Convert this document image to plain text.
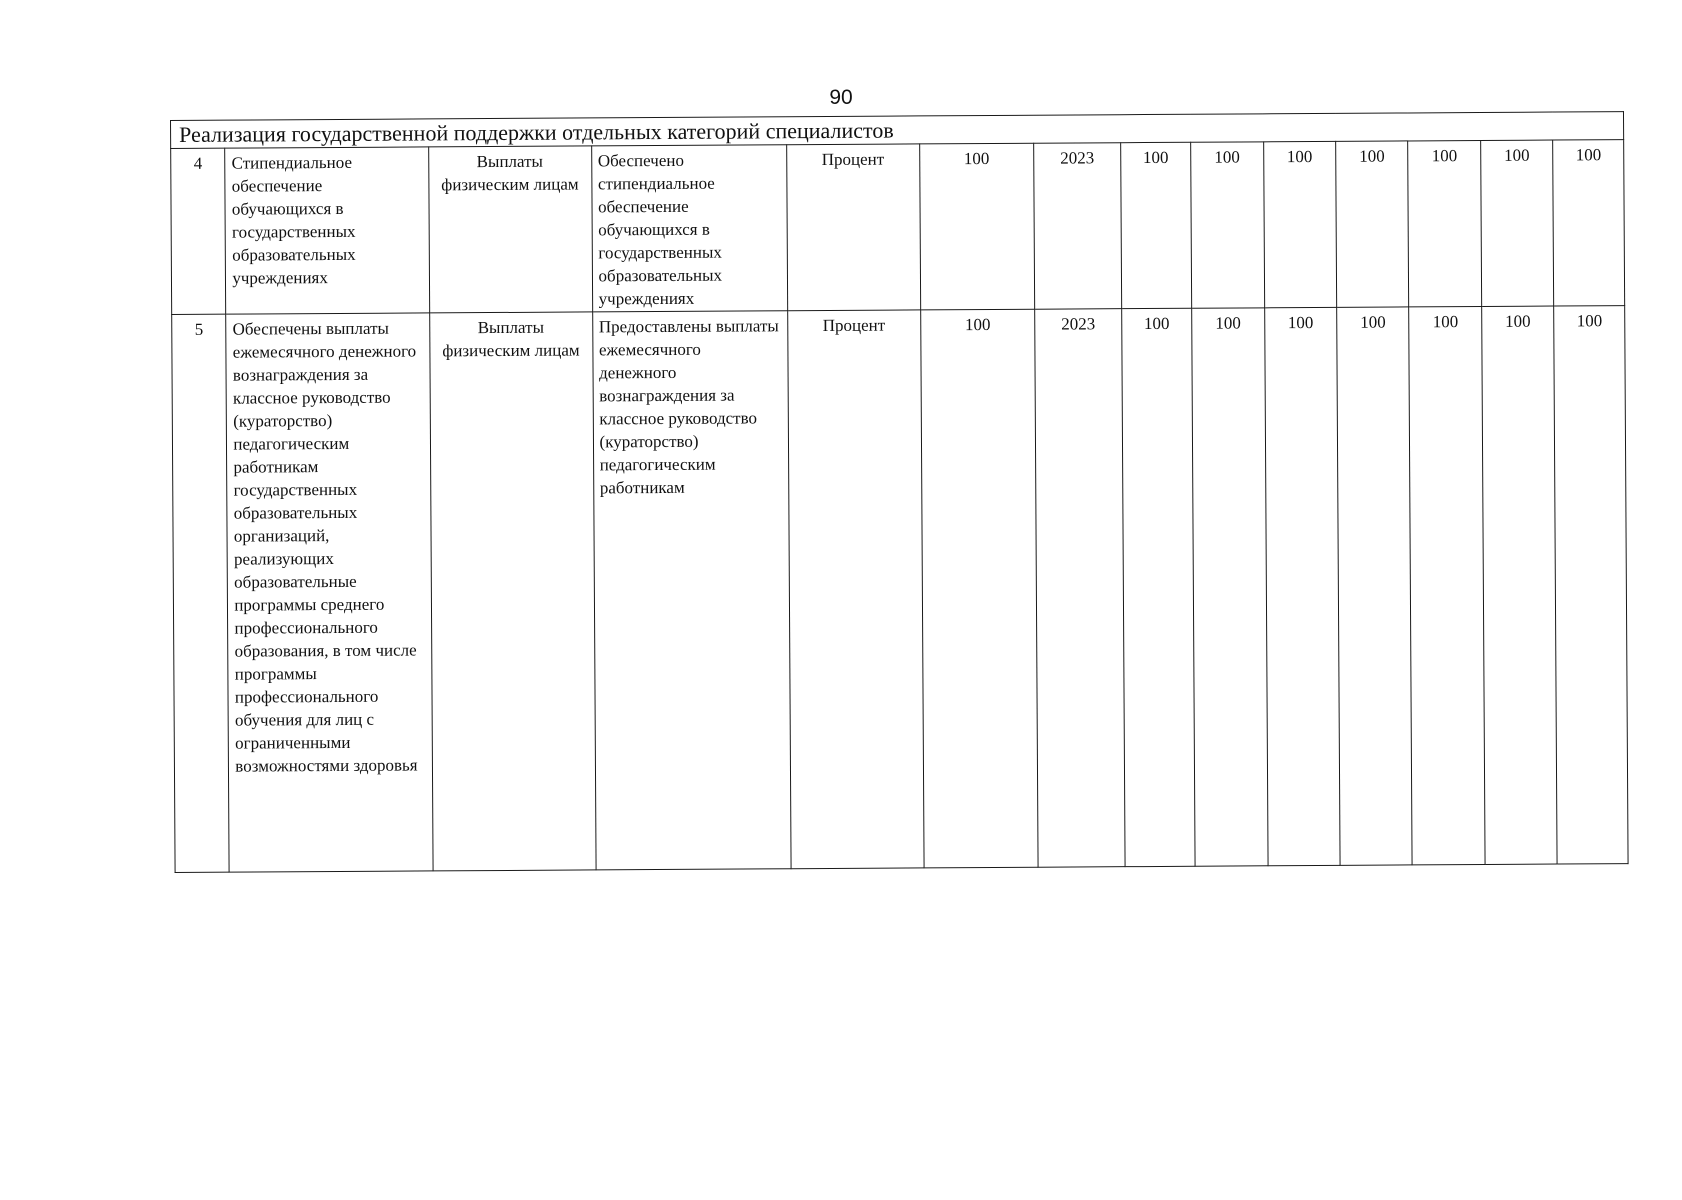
90
Реализация государственной поддержки отдельных категорий специалистов													
4	Стипендиальное обеспечение обучающихся в государственных образовательных учреждениях	Выплаты физическим лицам	Обеспечено стипендиальное обеспечение обучающихся в государственных образовательных учреждениях	Процент	100	2023	100	100	100	100	100	100	100
5	Обеспечены выплаты ежемесячного денежного вознаграждения за классное руководство (кураторство) педагогическим работникам государственных образовательных организаций, реализующих образовательные программы среднего профессионального образования, в том числе программы профессионального обучения для лиц с ограниченными возможностями здоровья	Выплаты физическим лицам	Предоставлены выплаты ежемесячного денежного вознаграждения за классное руководство (кураторство) педагогическим работникам	Процент	100	2023	100	100	100	100	100	100	100
